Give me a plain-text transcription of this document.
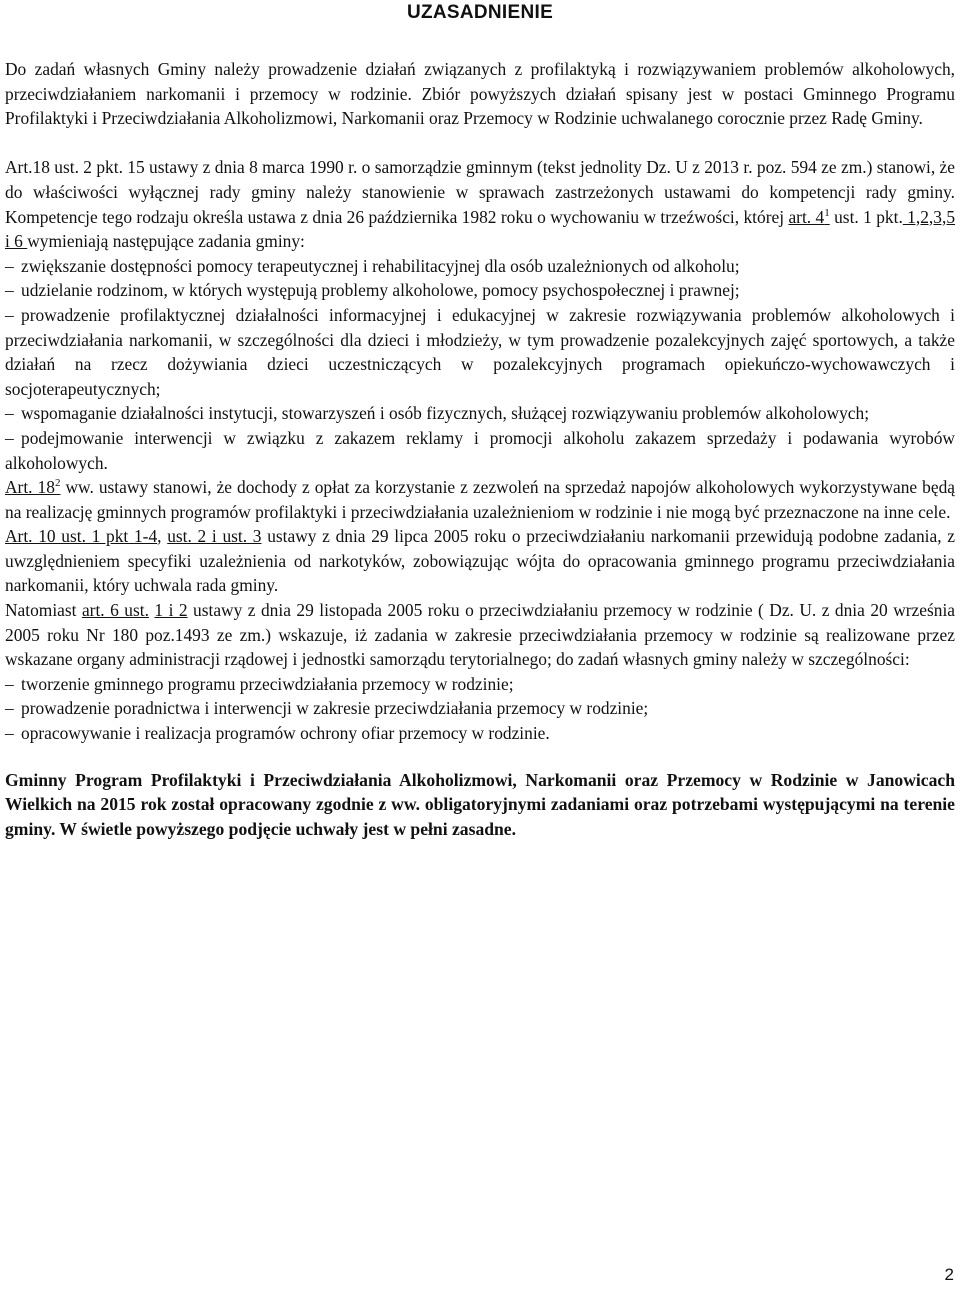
UZASADNIENIE

Do zadań własnych Gminy należy prowadzenie działań związanych z profilaktyką i rozwiązywaniem problemów alkoholowych, przeciwdziałaniem narkomanii i przemocy w rodzinie. Zbiór powyższych działań spisany jest w postaci Gminnego Programu Profilaktyki i Przeciwdziałania Alkoholizmowi, Narkomanii oraz Przemocy w Rodzinie uchwalanego corocznie przez Radę Gminy.

Art.18 ust. 2 pkt. 15 ustawy z dnia 8 marca 1990 r. o samorządzie gminnym (tekst jednolity Dz. U z 2013 r. poz. 594 ze zm.) stanowi, że do właściwości wyłącznej rady gminy należy stanowienie w sprawach zastrzeżonych ustawami do kompetencji rady gminy. Kompetencje tego rodzaju określa ustawa z dnia 26 października 1982 roku o wychowaniu w trzeźwości, której art. $4^1$ ust. 1 pkt. 1,2,3,5 i 6 wymieniają następujące zadania gminy:

– zwiększanie dostępności pomocy terapeutycznej i rehabilitacyjnej dla osób uzależnionych od alkoholu;

– udzielanie rodzinom, w których występują problemy alkoholowe, pomocy psychospołecznej i prawnej;

– prowadzenie profilaktycznej działalności informacyjnej i edukacyjnej w zakresie rozwiązywania problemów alkoholowych i przeciwdziałania narkomanii, w szczególności dla dzieci i młodzieży, w tym prowadzenie pozalekcyjnych zajęć sportowych, a także działań na rzecz dożywiania dzieci uczestniczących w pozalekcyjnych programach opiekuńczo-wychowawczych i socjoterapeutycznych;

– wspomaganie działalności instytucji, stowarzyszeń i osób fizycznych, służącej rozwiązywaniu problemów alkoholowych;

– podejmowanie interwencji w związku z zakazem reklamy i promocji alkoholu zakazem sprzedaży i podawania wyrobów alkoholowych.

Art. $18^2$ ww. ustawy stanowi, że dochody z opłat za korzystanie z zezwoleń na sprzedaż napojów alkoholowych wykorzystywane będą na realizację gminnych programów profilaktyki i przeciwdziałania uzależnieniom w rodzinie i nie mogą być przeznaczone na inne cele.

Art. 10 ust. 1 pkt 1-4, ust. 2 i ust. 3 ustawy z dnia 29 lipca 2005 roku o przeciwdziałaniu narkomanii przewidują podobne zadania, z uwzględnieniem specyfiki uzależnienia od narkotyków, zobowiązując wójta do opracowania gminnego programu przeciwdziałania narkomanii, który uchwala rada gminy.

Natomiast art. 6 ust. 1 i 2 ustawy z dnia 29 listopada 2005 roku o przeciwdziałaniu przemocy w rodzinie ( Dz. U. z dnia 20 września 2005 roku Nr 180 poz.1493 ze zm.) wskazuje, iż zadania w zakresie przeciwdziałania przemocy w rodzinie są realizowane przez wskazane organy administracji rządowej i jednostki samorządu terytorialnego; do zadań własnych gminy należy w szczególności:

– tworzenie gminnego programu przeciwdziałania przemocy w rodzinie;

– prowadzenie poradnictwa i interwencji w zakresie przeciwdziałania przemocy w rodzinie;

– opracowywanie i realizacja programów ochrony ofiar przemocy w rodzinie.

Gminny Program Profilaktyki i Przeciwdziałania Alkoholizmowi, Narkomanii oraz Przemocy w Rodzinie w Janowicach Wielkich na 2015 rok został opracowany zgodnie z ww. obligatoryjnymi zadaniami oraz potrzebami występującymi na terenie gminy. W świetle powyższego podjęcie uchwały jest w pełni zasadne.

2
